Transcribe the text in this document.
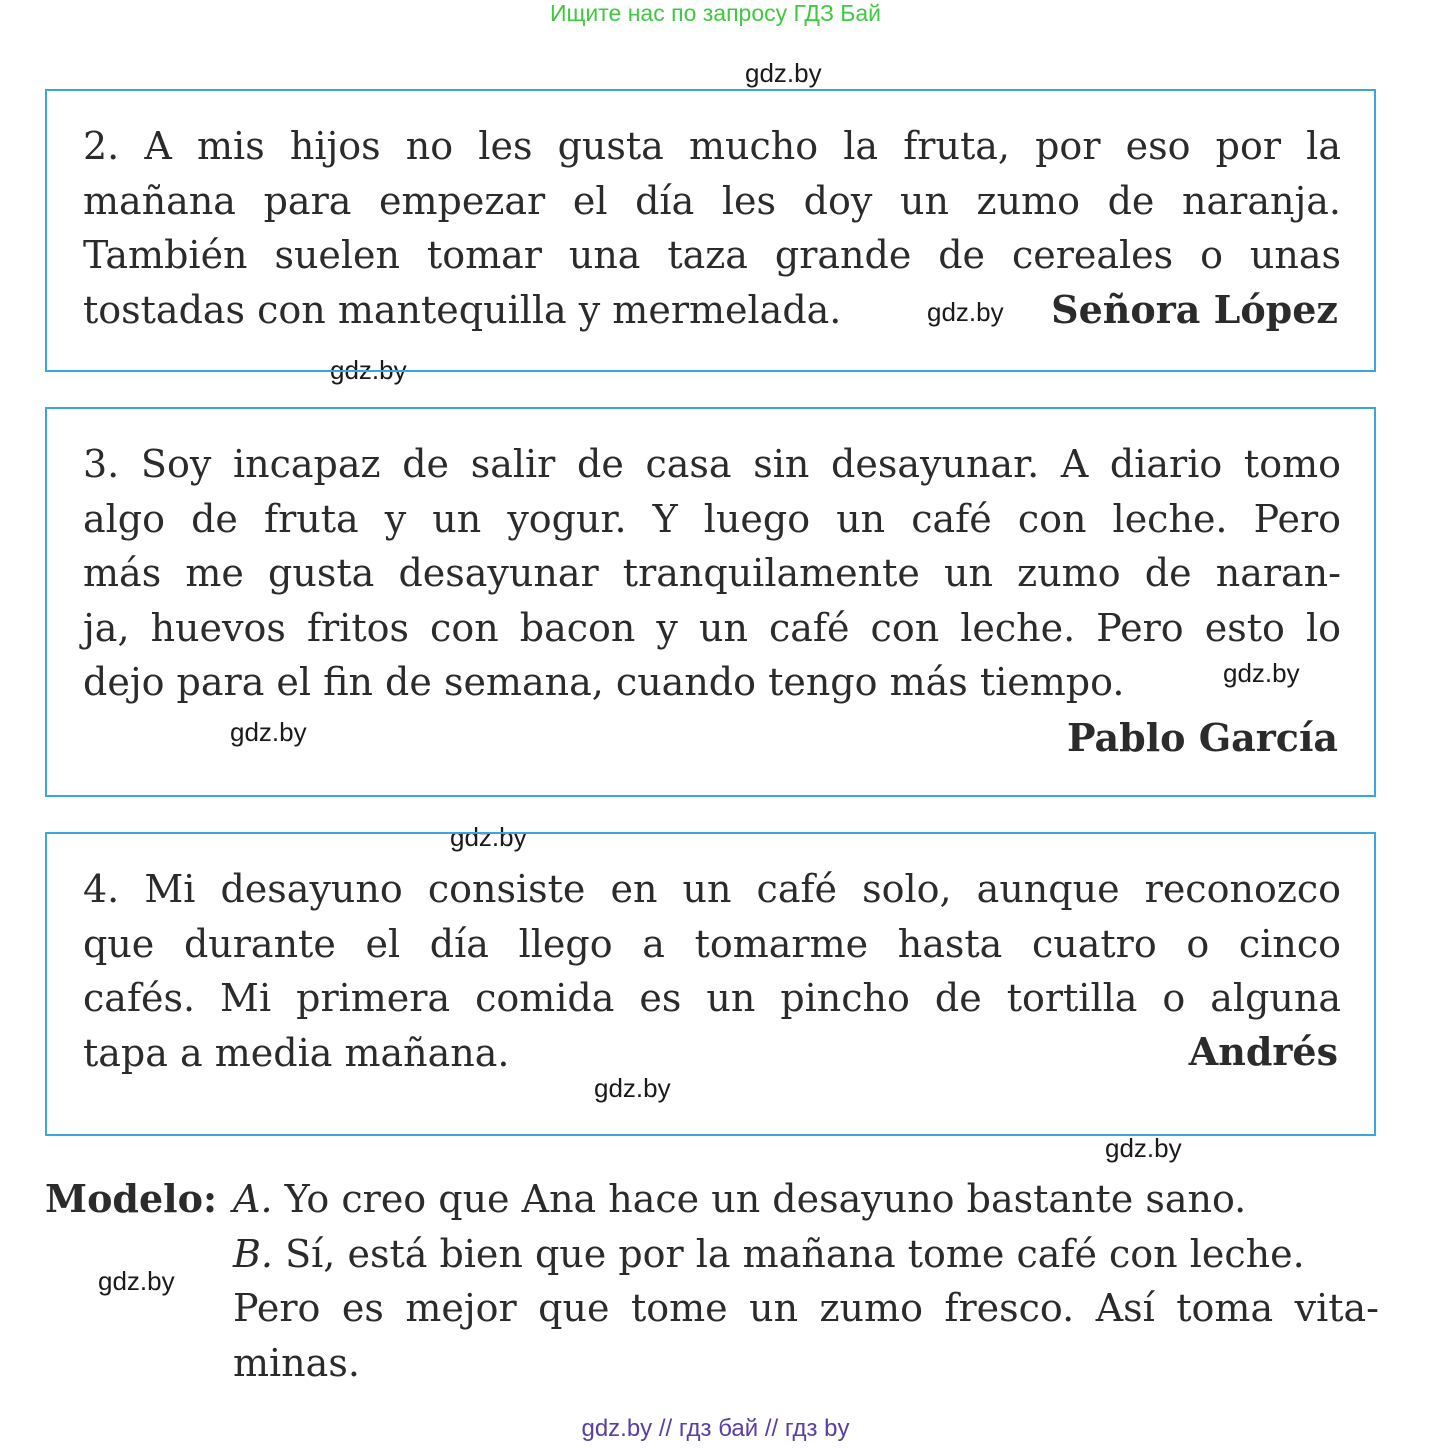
Ищите нас по запросу ГДЗ Бай
gdz.by
gdz.by
gdz.by
gdz.by
gdz.by
gdz.by
gdz.by
2. A mis hijos no les gusta mucho la fruta, por eso por la
mañana para empezar el día les doy un zumo de naranja.
También suelen tomar una taza grande de cereales o unas
tostadas con mantequilla y mermelada.	gdz.by Señora López
3. Soy incapaz de salir de casa sin desayunar. A diario tomo
algo de fruta y un yogur. Y luego un café con leche. Pero
más me gusta desayunar tranquilamente un zumo de naran-
ja, huevos fritos con bacon y un café con leche. Pero esto lo
dejo para el fin de semana, cuando tengo más tiempo.	gdz.by
Pablo García
4. Mi desayuno consiste en un café solo, aunque reconozco
que durante el día llego a tomarme hasta cuatro o cinco
cafés. Mi primera comida es un pincho de tortilla o alguna
tapa a media mañana.	Andrés
Modelo: A. Yo creo que Ana hace un desayuno bastante sano.
B. Sí, está bien que por la mañana tome café con leche.
Pero es mejor que tome un zumo fresco. Así toma vita-
minas.
gdz.by // гдз бай // гдз by
